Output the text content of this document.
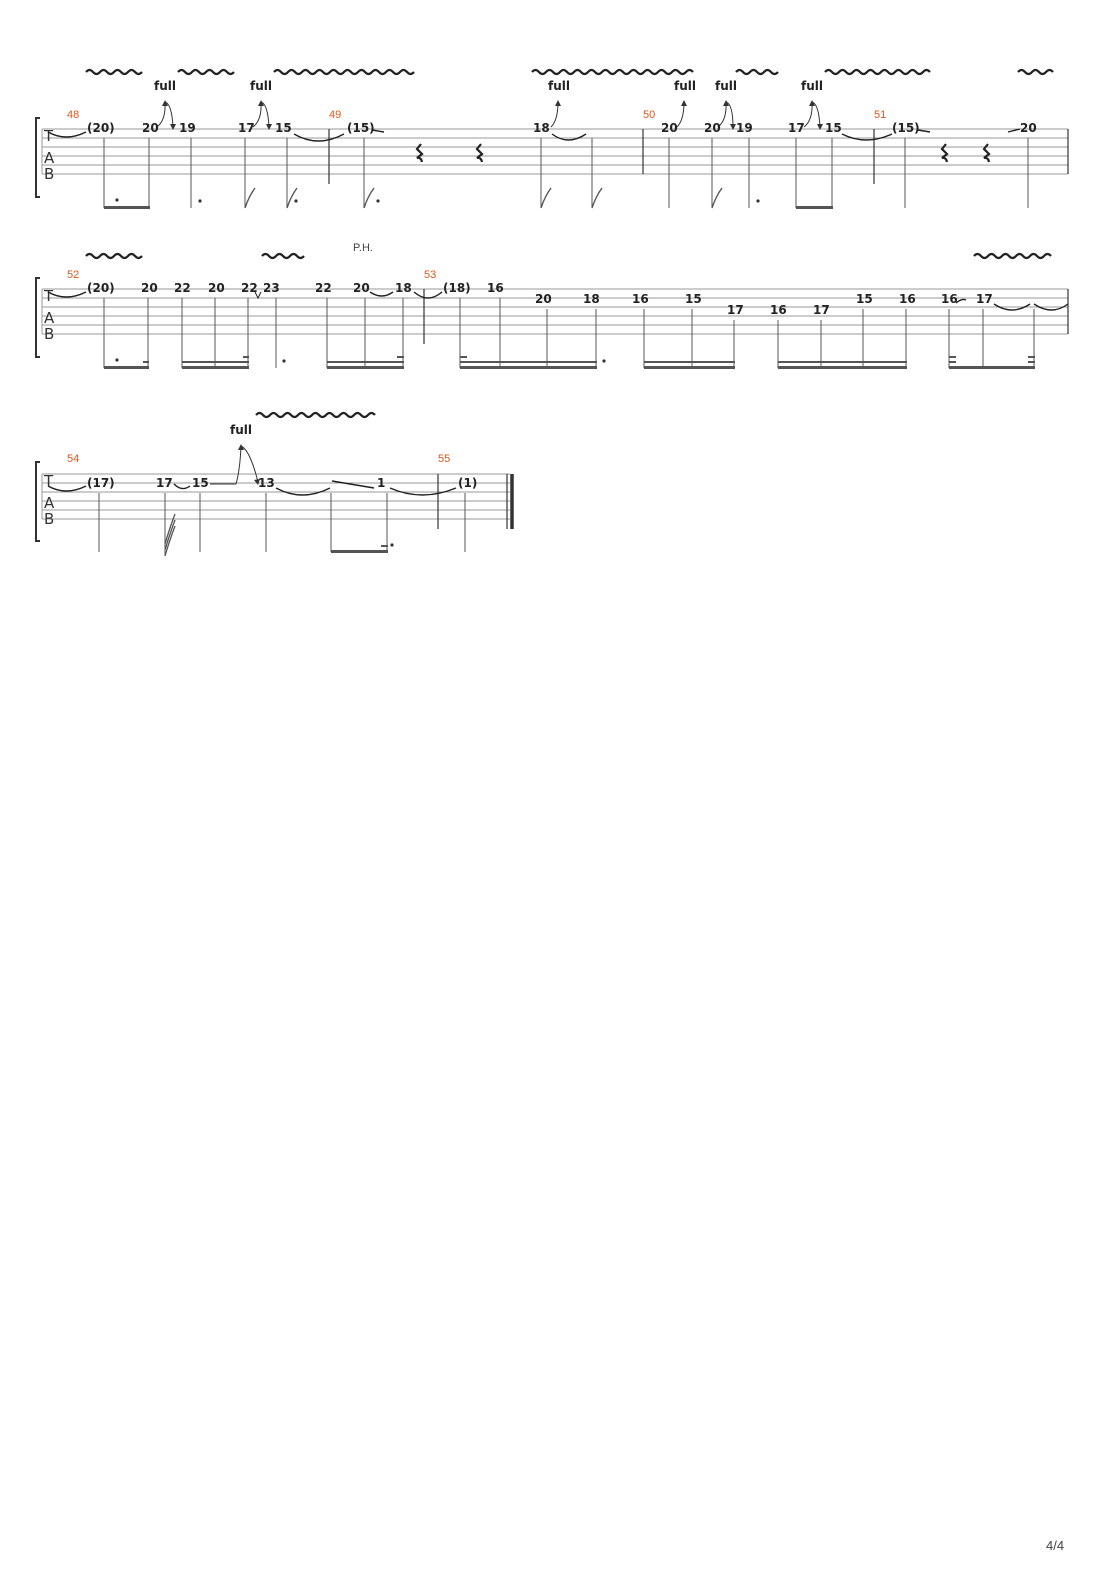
T
A
B
48	49	50	51
full	full	full	full full	full
(20) 20 19	17 15	(15)	18	20 20 19	17 15	(15)	20
T
A
B
52	53
P.H.
(20) 20 22 20 22 23	22 20 18	(18) 16
20	18	16	15
17 16 17
15 16 16 17
T
A
B
54	55
full
(17)	17 15	13	1	(1)
4/4
